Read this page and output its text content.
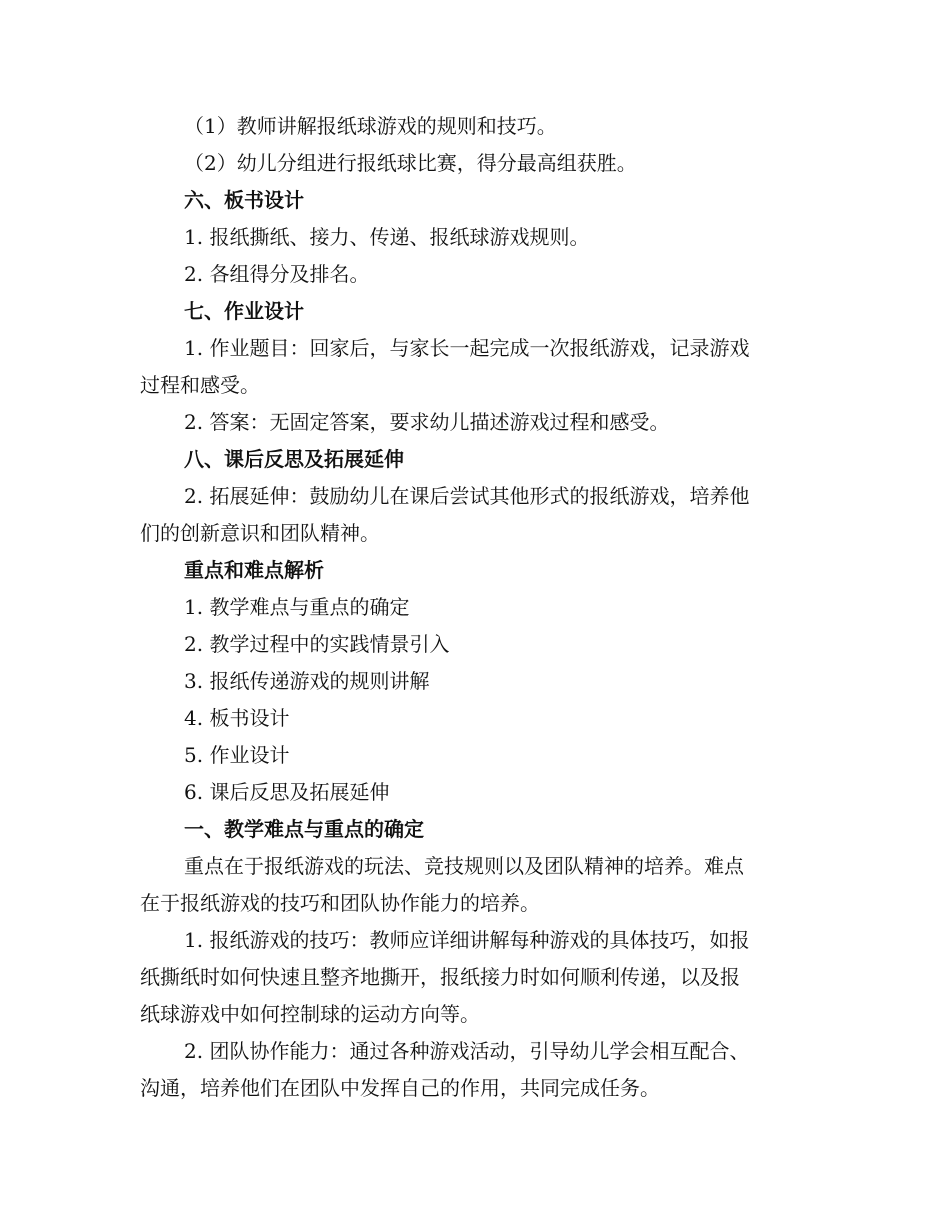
（1）教师讲解报纸球游戏的规则和技巧。
（2）幼儿分组进行报纸球比赛，得分最高组获胜。
六、板书设计
1. 报纸撕纸、接力、传递、报纸球游戏规则。
2. 各组得分及排名。
七、作业设计
1. 作业题目：回家后，与家长一起完成一次报纸游戏，记录游戏
过程和感受。
2. 答案：无固定答案，要求幼儿描述游戏过程和感受。
八、课后反思及拓展延伸
2. 拓展延伸：鼓励幼儿在课后尝试其他形式的报纸游戏，培养他
们的创新意识和团队精神。
重点和难点解析
1. 教学难点与重点的确定
2. 教学过程中的实践情景引入
3. 报纸传递游戏的规则讲解
4. 板书设计
5. 作业设计
6. 课后反思及拓展延伸
一、教学难点与重点的确定
重点在于报纸游戏的玩法、竞技规则以及团队精神的培养。难点
在于报纸游戏的技巧和团队协作能力的培养。
1. 报纸游戏的技巧：教师应详细讲解每种游戏的具体技巧，如报
纸撕纸时如何快速且整齐地撕开，报纸接力时如何顺利传递，以及报
纸球游戏中如何控制球的运动方向等。
2. 团队协作能力：通过各种游戏活动，引导幼儿学会相互配合、
沟通，培养他们在团队中发挥自己的作用，共同完成任务。
